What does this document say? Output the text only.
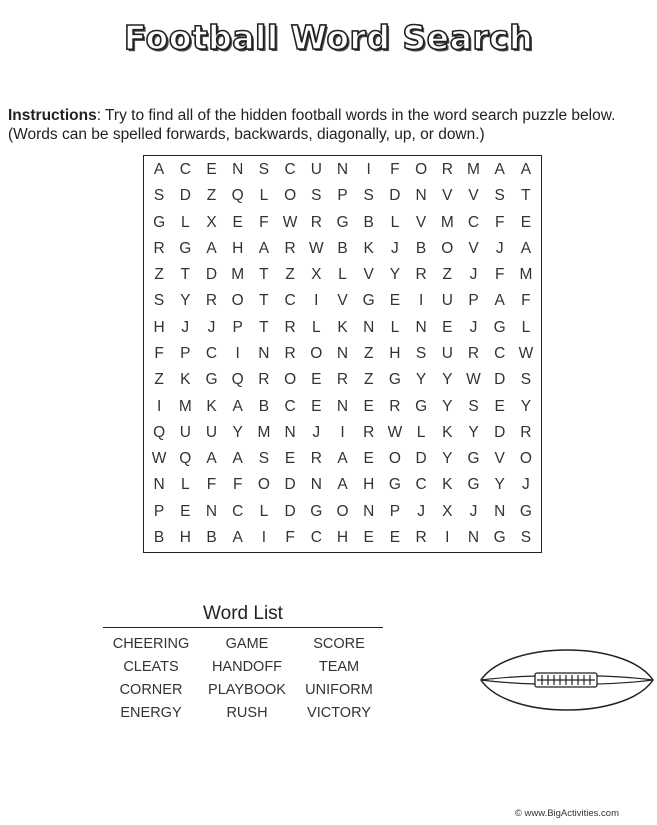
Football Word Search
Instructions: Try to find all of the hidden football words in the word search puzzle below. (Words can be spelled forwards, backwards, diagonally, up, or down.)
A C E N S C U N	I	F O R M A	A
S D	Z Q	L	O S	P	S D N V	V	S	T
G	L	X	E	F W R G B	L	V M C	F	E
R G A H A R W B	K	J	B O V	J	A
Z	T	D M T	Z	X	L	V	Y R	Z	J	F M
S	Y R O T	C	I	V G E	I	U P	A	F
H	J	J	P	T	R	L	K N	L	N E	J	G	L
F	P C	I	N R O N	Z	H S U R C W
Z	K G Q R O E R	Z G Y	Y W D S
I	M K	A	B C E N E R G Y	S	E	Y
Q U U Y M N	J	I	R W L	K	Y D R
W Q A	A	S	E R A	E O D Y G V O
N	L	F	F O D N A H G C K G Y	J
P	E N C	L	D G O N P	J	X	J	N G
B H B	A	I	F	C H E	E R	I	N G S
Word List
CHEERING	GAME	SCORE
CLEATS	HANDOFF	TEAM
CORNER	PLAYBOOK	UNIFORM
ENERGY	RUSH	VICTORY
© www.BigActivities.com
